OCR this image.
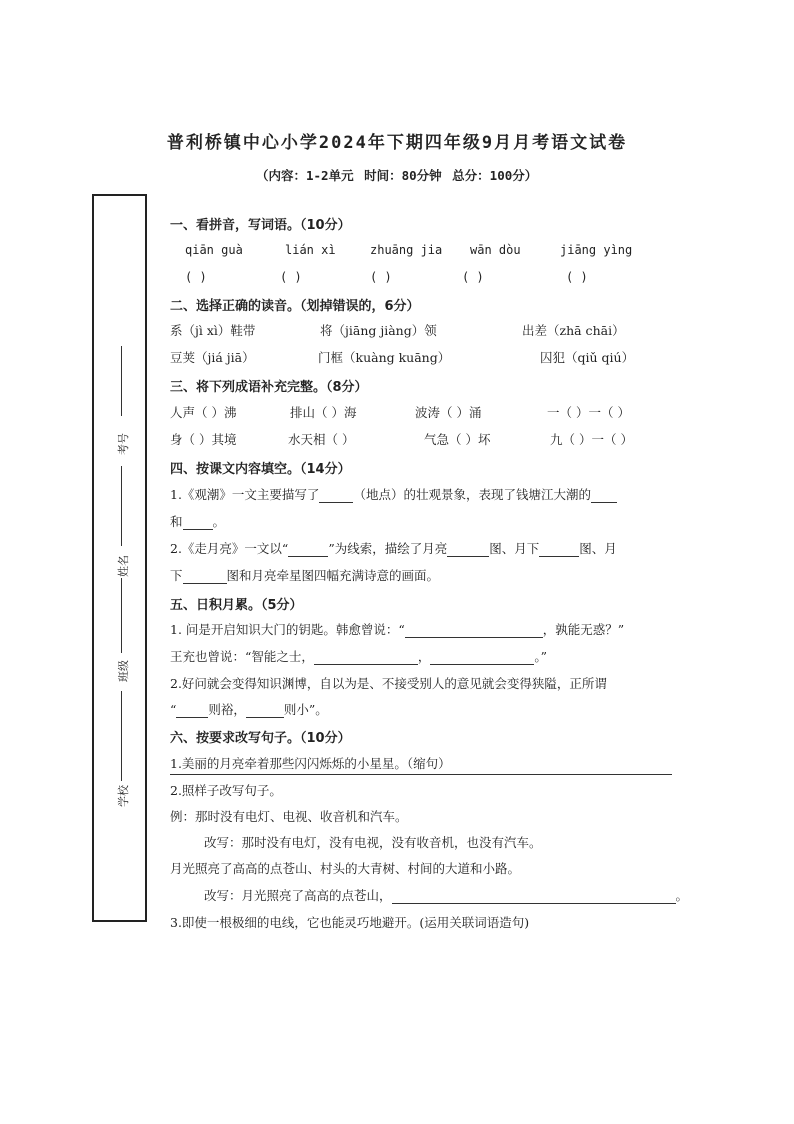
普利桥镇中心小学2024年下期四年级9月月考语文试卷
（内容：1-2单元 时间：80分钟 总分：100分）
考号
姓名
班级
学校
一、看拼音，写词语。（10分）
qiān guà	lián xì	zhuāng jia wān dòu	jiāng yìng
( )	( )	( )	( )	( )
二、选择正确的读音。（划掉错误的，6分）
系（jì xì）鞋带	将（jiāng jiàng）领	出差（zhā chāi）
豆荚（jiá jiā）	门框（kuàng kuāng）	囚犯（qiǔ qiú）
三、将下列成语补充完整。（8分）
人声（ ）沸	排山（ ）海	波涛（ ）涌	一（ ）一（ ）
身（ ）其境	水天相（ ）	气急（ ）坏	九（ ）一（ ）
四、按课文内容填空。（14分）
1.《观潮》一文主要描写了	（地点）的壮观景象，表现了钱塘江大潮的
和 。
2.《走月亮》一文以“	”为线索，描绘了月亮	图、月下	图、月
下	图和月亮牵星图四幅充满诗意的画面。
五、日积月累。（5分）
1. 问是开启知识大门的钥匙。韩愈曾说：“	，孰能无惑？”
王充也曾说：“智能之士，	，	。”
2.好问就会变得知识渊博，自以为是、不接受别人的意见就会变得狭隘，正所谓
“	则裕，	则小”。
六、按要求改写句子。（10分）
1.美丽的月亮牵着那些闪闪烁烁的小星星。（缩句）
2.照样子改写句子。
例：那时没有电灯、电视、收音机和汽车。
改写：那时没有电灯，没有电视，没有收音机，也没有汽车。
月光照亮了高高的点苍山、村头的大青树、村间的大道和小路。
改写：月光照亮了高高的点苍山，	。
3.即使一根极细的电线，它也能灵巧地避开。(运用关联词语造句)
